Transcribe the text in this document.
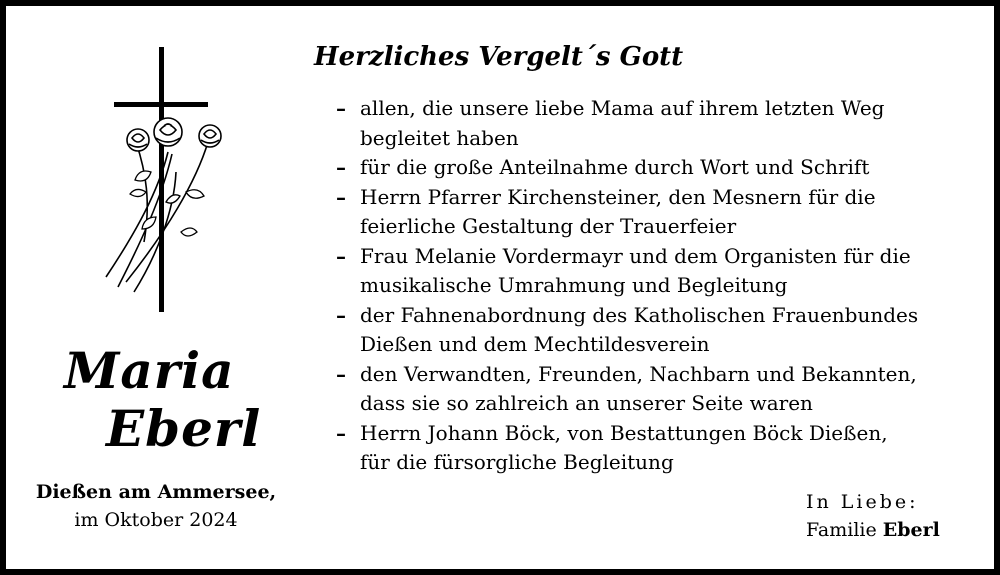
Maria
Eberl
Dießen am Ammersee,
im Oktober 2024
Herzliches Vergelt´s Gott
– allen, die unsere liebe Mama auf ihrem letzten Weg
begleitet haben
– für die große Anteilnahme durch Wort und Schrift
– Herrn Pfarrer Kirchensteiner, den Mesnern für die
feierliche Gestaltung der Trauerfeier
– Frau Melanie Vordermayr und dem Organisten für die
musikalische Umrahmung und Begleitung
– der Fahnenabordnung des Katholischen Frauenbundes
Dießen und dem Mechtildesverein
– den Verwandten, Freunden, Nachbarn und Bekannten,
dass sie so zahlreich an unserer Seite waren
– Herrn Johann Böck, von Bestattungen Böck Dießen,
für die fürsorgliche Begleitung
In Liebe:
Familie Eberl
